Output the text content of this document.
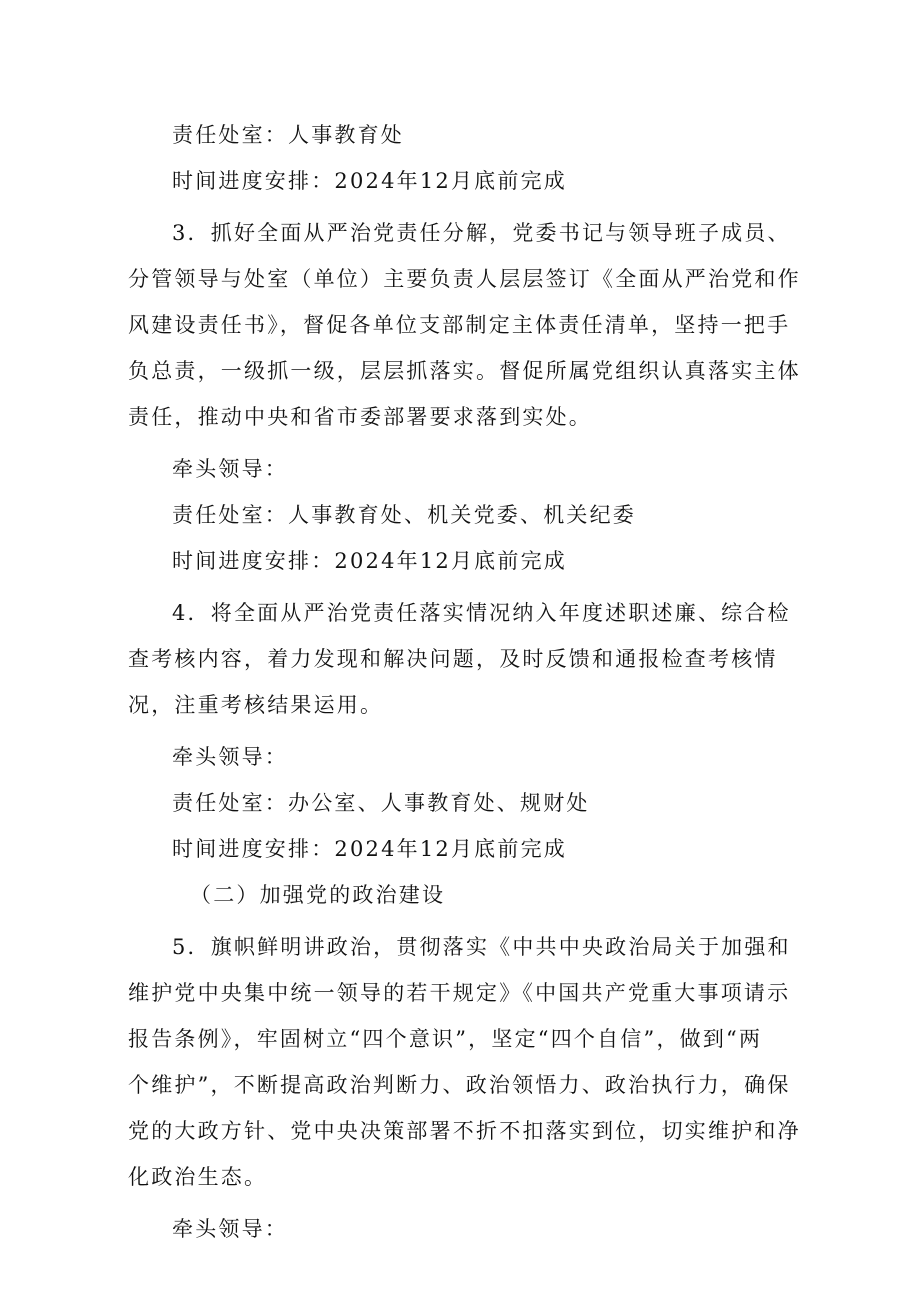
责任处室：人事教育处
时间进度安排：2024年12月底前完成
3．抓好全面从严治党责任分解，党委书记与领导班子成员、
分管领导与处室（单位）主要负责人层层签订《全面从严治党和作
风建设责任书》，督促各单位支部制定主体责任清单，坚持一把手
负总责，一级抓一级，层层抓落实。督促所属党组织认真落实主体
责任，推动中央和省市委部署要求落到实处。
牵头领导：
责任处室：人事教育处、机关党委、机关纪委
时间进度安排：2024年12月底前完成
4．将全面从严治党责任落实情况纳入年度述职述廉、综合检
查考核内容，着力发现和解决问题，及时反馈和通报检查考核情
况，注重考核结果运用。
牵头领导：
责任处室：办公室、人事教育处、规财处
时间进度安排：2024年12月底前完成
（二）加强党的政治建设
5．旗帜鲜明讲政治，贯彻落实《中共中央政治局关于加强和
维护党中央集中统一领导的若干规定》《中国共产党重大事项请示
报告条例》，牢固树立“四个意识”，坚定“四个自信”，做到“两
个维护”，不断提高政治判断力、政治领悟力、政治执行力，确保
党的大政方针、党中央决策部署不折不扣落实到位，切实维护和净
化政治生态。
牵头领导：
